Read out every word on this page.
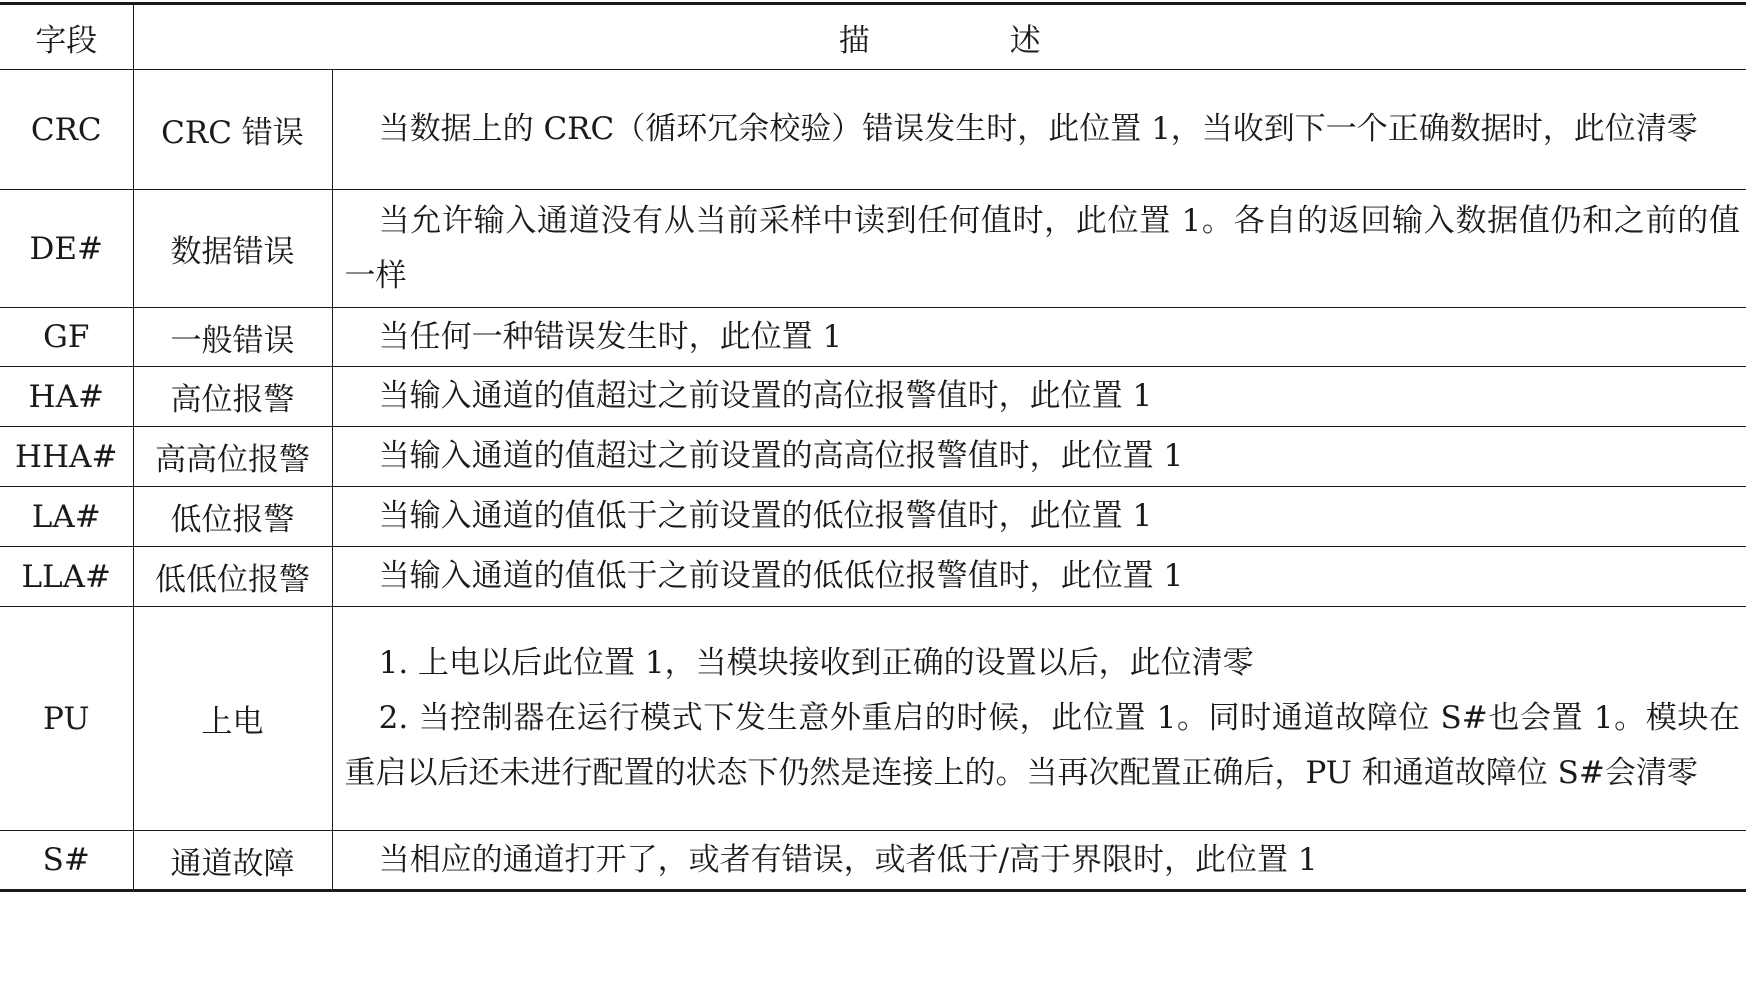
字段	描 述	
CRC	CRC 错误	当数据上的 CRC（循环冗余校验）错误发生时，此位置 1，当收到下一个正确数据时，此位清零

DE#	数据错误	当允许输入通道没有从当前采样中读到任何值时，此位置 1。各自的返回输入数据值仍和之前的值一样

GF	一般错误	当任何一种错误发生时，此位置 1

HA#	高位报警	当输入通道的值超过之前设置的高位报警值时，此位置 1

HHA#	高高位报警	当输入通道的值超过之前设置的高高位报警值时，此位置 1

LA#	低位报警	当输入通道的值低于之前设置的低位报警值时，此位置 1

LLA#	低低位报警	当输入通道的值低于之前设置的低低位报警值时，此位置 1

PU	上电	1. 上电以后此位置 1，当模块接收到正确的设置以后，此位清零

2. 当控制器在运行模式下发生意外重启的时候，此位置 1。同时通道故障位 S#也会置 1。模块在重启以后还未进行配置的状态下仍然是连接上的。当再次配置正确后，PU 和通道故障位 S#会清零

S#	通道故障	当相应的通道打开了，或者有错误，或者低于/高于界限时，此位置 1
